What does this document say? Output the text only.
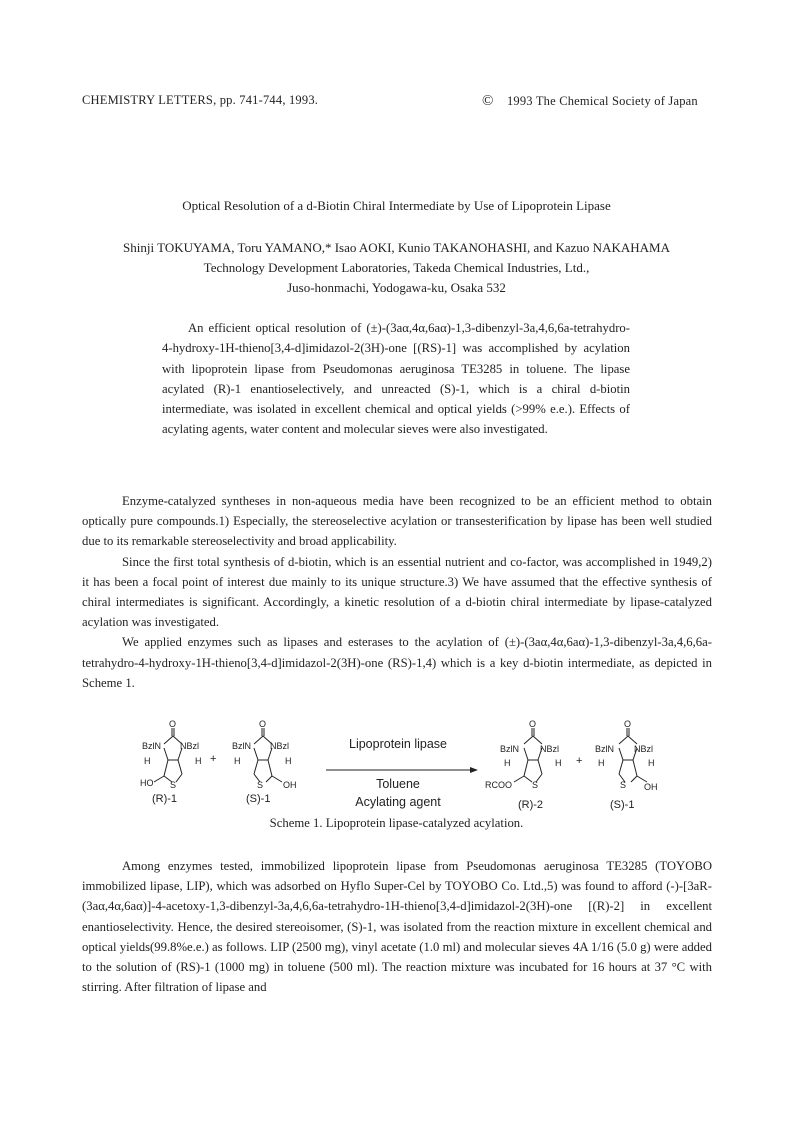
CHEMISTRY LETTERS, pp. 741-744, 1993.	© 1993 The Chemical Society of Japan
Optical Resolution of a d-Biotin Chiral Intermediate by Use of Lipoprotein Lipase
Shinji TOKUYAMA, Toru YAMANO,* Isao AOKI, Kunio TAKANOHASHI, and Kazuo NAKAHAMA
Technology Development Laboratories, Takeda Chemical Industries, Ltd.,
Juso-honmachi, Yodogawa-ku, Osaka 532
An efficient optical resolution of (±)-(3aα,4α,6aα)-1,3-dibenzyl-3a,4,6,6a-tetrahydro-4-hydroxy-1H-thieno[3,4-d]imidazol-2(3H)-one [(RS)-1] was accomplished by acylation with lipoprotein lipase from Pseudomonas aeruginosa TE3285 in toluene. The lipase acylated (R)-1 enantioselectively, and unreacted (S)-1, which is a chiral d-biotin intermediate, was isolated in excellent chemical and optical yields (>99% e.e.). Effects of acylating agents, water content and molecular sieves were also investigated.

Enzyme-catalyzed syntheses in non-aqueous media have been recognized to be an efficient method to obtain optically pure compounds.1) Especially, the stereoselective acylation or transesterification by lipase has been well studied due to its remarkable stereoselectivity and broad applicability.

Since the first total synthesis of d-biotin, which is an essential nutrient and co-factor, was accomplished in 1949,2) it has been a focal point of interest due mainly to its unique structure.3) We have assumed that the effective synthesis of chiral intermediates is significant. Accordingly, a kinetic resolution of a d-biotin chiral intermediate by lipase-catalyzed acylation was investigated.

We applied enzymes such as lipases and esterases to the acylation of (±)-(3aα,4α,6aα)-1,3-dibenzyl-3a,4,6,6a-tetrahydro-4-hydroxy-1H-thieno[3,4-d]imidazol-2(3H)-one (RS)-1,4) which is a key d-biotin intermediate, as depicted in Scheme 1.

O
BzlN NBzl
H	H
S
HO
(R)-1
+
O
BzlN NBzl
H	H
S OH
(S)-1
Lipoprotein lipase
Toluene
Acylating agent
O
BzlN NBzl
H	H
S
RCOO
(R)-2
+
O
BzlN NBzl
H	H
S OH
(S)-1
Scheme 1. Lipoprotein lipase-catalyzed acylation.

Among enzymes tested, immobilized lipoprotein lipase from Pseudomonas aeruginosa TE3285 (TOYOBO immobilized lipase, LIP), which was adsorbed on Hyflo Super-Cel by TOYOBO Co. Ltd.,5) was found to afford (-)-[3aR-(3aα,4α,6aα)]-4-acetoxy-1,3-dibenzyl-3a,4,6,6a-tetrahydro-1H-thieno[3,4-d]imidazol-2(3H)-one [(R)-2] in excellent enantioselectivity. Hence, the desired stereoisomer, (S)-1, was isolated from the reaction mixture in excellent chemical and optical yields(99.8%e.e.) as follows. LIP (2500 mg), vinyl acetate (1.0 ml) and molecular sieves 4A 1/16 (5.0 g) were added to the solution of (RS)-1 (1000 mg) in toluene (500 ml). The reaction mixture was incubated for 16 hours at 37 °C with stirring. After filtration of lipase and
